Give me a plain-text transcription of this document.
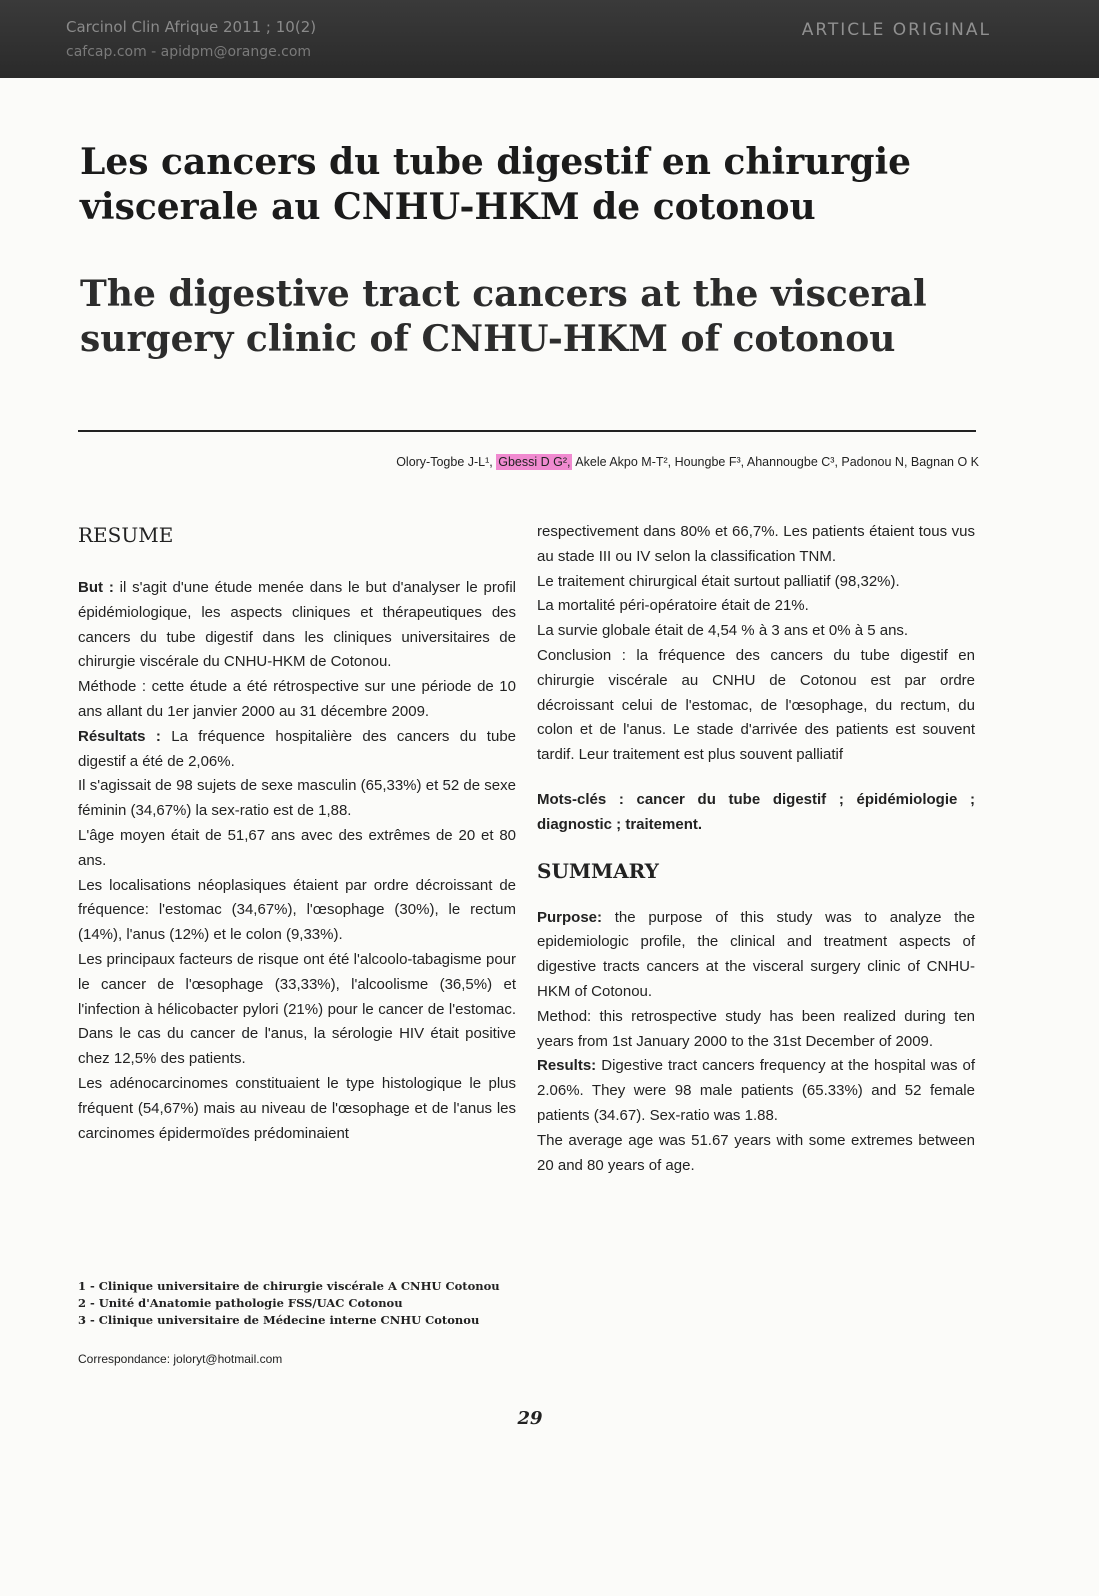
Carcinol Clin Afrique 2011 ; 10(2)
cafcap.com - apidpm@orange.com
ARTICLE ORIGINAL
Les cancers du tube digestif en chirurgie viscerale au CNHU-HKM de cotonou
The digestive tract cancers at the visceral surgery clinic of CNHU-HKM of cotonou
Olory-Togbe J-L¹, Gbessi D G², Akele Akpo M-T², Houngbe F³, Ahannougbe C³, Padonou N, Bagnan O K
RESUME

But : il s'agit d'une étude menée dans le but d'analyser le profil épidémiologique, les aspects cliniques et thérapeutiques des cancers du tube digestif dans les cliniques universitaires de chirurgie viscérale du CNHU-HKM de Cotonou.

Méthode : cette étude a été rétrospective sur une période de 10 ans allant du 1er janvier 2000 au 31 décembre 2009.

Résultats : La fréquence hospitalière des cancers du tube digestif a été de 2,06%.

Il s'agissait de 98 sujets de sexe masculin (65,33%) et 52 de sexe féminin (34,67%) la sex-ratio est de 1,88.

L'âge moyen était de 51,67 ans avec des extrêmes de 20 et 80 ans.

Les localisations néoplasiques étaient par ordre décroissant de fréquence: l'estomac (34,67%), l'œsophage (30%), le rectum (14%), l'anus (12%) et le colon (9,33%).

Les principaux facteurs de risque ont été l'alcoolo-tabagisme pour le cancer de l'œsophage (33,33%), l'alcoolisme (36,5%) et l'infection à hélicobacter pylori (21%) pour le cancer de l'estomac. Dans le cas du cancer de l'anus, la sérologie HIV était positive chez 12,5% des patients.

Les adénocarcinomes constituaient le type histologique le plus fréquent (54,67%) mais au niveau de l'œsophage et de l'anus les carcinomes épidermoïdes prédominaient

respectivement dans 80% et 66,7%. Les patients étaient tous vus au stade III ou IV selon la classification TNM.

Le traitement chirurgical était surtout palliatif (98,32%).

La mortalité péri-opératoire était de 21%.

La survie globale était de 4,54 % à 3 ans et 0% à 5 ans.

Conclusion : la fréquence des cancers du tube digestif en chirurgie viscérale au CNHU de Cotonou est par ordre décroissant celui de l'estomac, de l'œsophage, du rectum, du colon et de l'anus. Le stade d'arrivée des patients est souvent tardif. Leur traitement est plus souvent palliatif

Mots-clés : cancer du tube digestif ; épidémiologie ; diagnostic ; traitement.

SUMMARY

Purpose: the purpose of this study was to analyze the epidemiologic profile, the clinical and treatment aspects of digestive tracts cancers at the visceral surgery clinic of CNHU-HKM of Cotonou.

Method: this retrospective study has been realized during ten years from 1st January 2000 to the 31st December of 2009.

Results: Digestive tract cancers frequency at the hospital was of 2.06%. They were 98 male patients (65.33%) and 52 female patients (34.67). Sex-ratio was 1.88.

The average age was 51.67 years with some extremes between 20 and 80 years of age.

1 - Clinique universitaire de chirurgie viscérale A CNHU Cotonou
2 - Unité d'Anatomie pathologie FSS/UAC Cotonou
3 - Clinique universitaire de Médecine interne CNHU Cotonou
Correspondance: joloryt@hotmail.com
29
